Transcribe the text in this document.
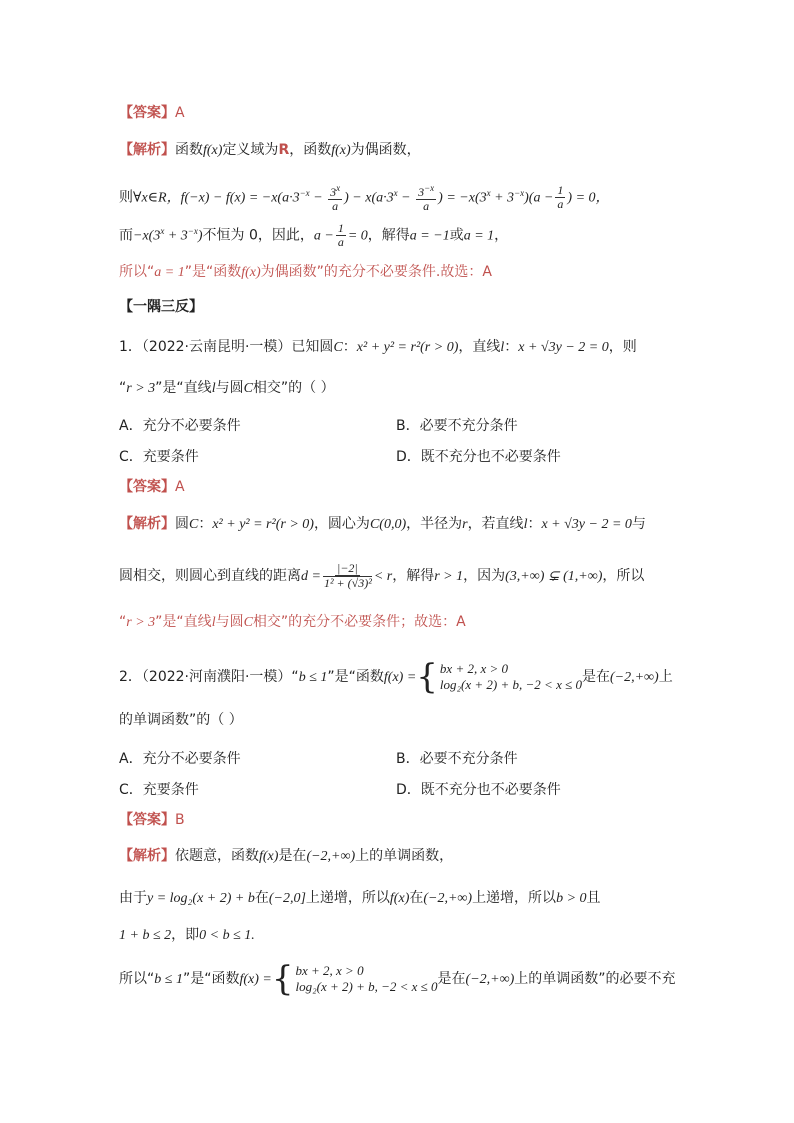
【答案】A
【解析】函数f(x)定义域为R，函数f(x)为偶函数，
则∀x∈R，$f(-x) - f(x) = -x(a\cdot 3^{-x} - \frac{3^x}{a}$ ) − $x(a\cdot 3^x - \frac{3^{-x}}{a}$ ) = $-x(3^x + 3^{-x})(a - \frac{1}{a}$ ) = 0，
而$-x(3^x + 3^{-x})$不恒为 0，因此，$a - \frac{1}{a} = 0$，解得a = −1或a = 1，
所以“a = 1”是“函数f(x)为偶函数”的充分不必要条件.故选：A
【一隅三反】
1．（2022·云南昆明·一模）已知圆C：x² + y² = r²(r > 0)，直线l：x + √3y − 2 = 0，则
“r > 3”是“直线l与圆C相交”的（ ）
A．充分不必要条件	B．必要不充分条件
C．充要条件	D．既不充分也不必要条件
【答案】A
【解析】圆C：x² + y² = r²(r > 0)，圆心为C(0,0)，半径为r，若直线l：x + √3y − 2 = 0与
圆相交，则圆心到直线的距离$d = \frac{|-2|}{\text{1² + (√3)²}} < r$，解得r > 1，因为(3,+∞) ⊊ (1,+∞)，所以
“r > 3”是“直线l与圆C相交”的充分不必要条件；故选：A
2．（2022·河南濮阳·一模）“b ≤ 1”是“函数f(x) = { bx + 2, x > 0
log₂(x + 2) + b, −2 < x ≤ 0 是在(−2,+∞)上
的单调函数”的（ ）
A．充分不必要条件	B．必要不充分条件
C．充要条件	D．既不充分也不必要条件
【答案】B
【解析】依题意，函数f(x)是在(−2,+∞)上的单调函数，
由于y = log₂(x + 2) + b在(−2,0]上递增，所以f(x)在(−2,+∞)上递增，所以b > 0且
1 + b ≤ 2，即0 < b ≤ 1.
所以“b ≤ 1”是“函数f(x) = { bx + 2, x > 0
log₂(x + 2) + b, −2 < x ≤ 0 是在(−2,+∞)上的单调函数”的必要不充
